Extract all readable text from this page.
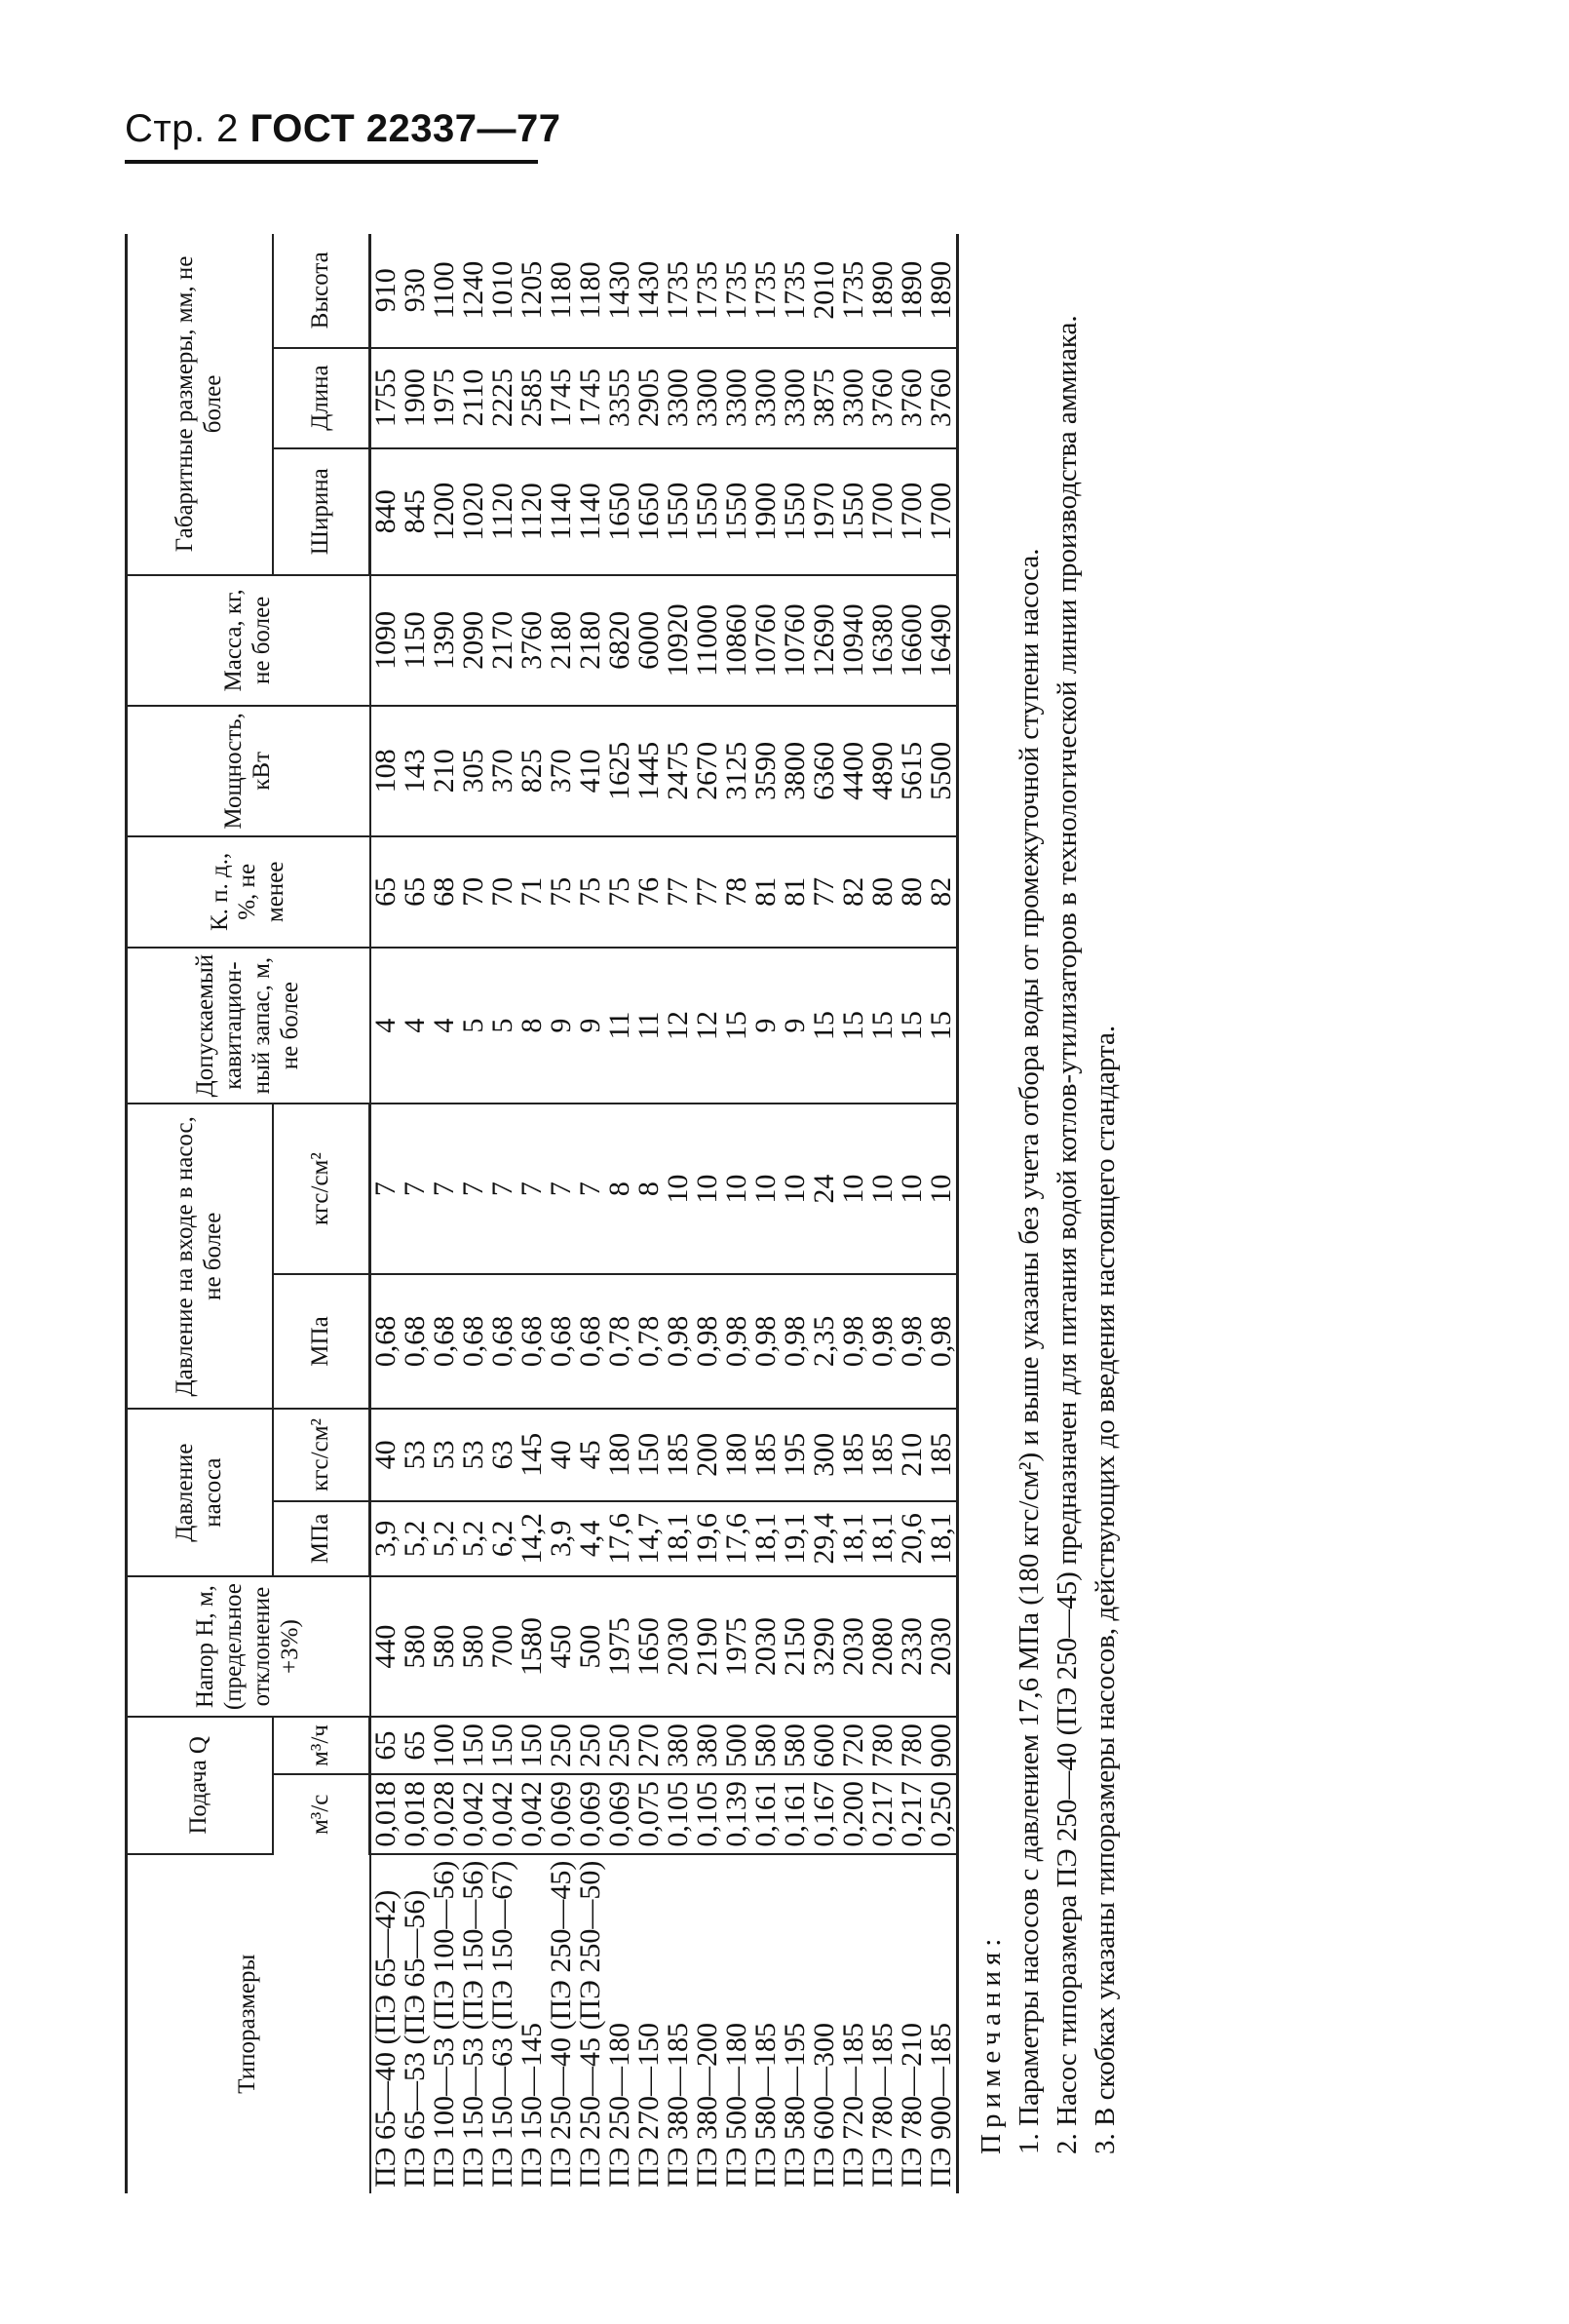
Стр. 2 ГОСТ 22337—77
Типоразмеры	Подача Q		Напор H, м, (предельное отклонение +3%)	Давление насоса		Давление на входе в насос, не более		Допускаемый кавитационный запас, м, не более	К. п. д., %, не менее	Мощность, кВт	Масса, кг, не более	Габаритные размеры, мм, не более		
	м³/с	м³/ч		МПа	кгс/см²	МПа	кгс/см²					Ширина	Длина	Высота
ПЭ 65—40 (ПЭ 65—42)	0,018	65	440	3,9	40	0,68	7	4	65	108	1090	840	1755	910
ПЭ 65—53 (ПЭ 65—56)	0,018	65	580	5,2	53	0,68	7	4	65	143	1150	845	1900	930
ПЭ 100—53 (ПЭ 100—56)	0,028	100	580	5,2	53	0,68	7	4	68	210	1390	1200	1975	1100
ПЭ 150—53 (ПЭ 150—56)	0,042	150	580	5,2	53	0,68	7	5	70	305	2090	1020	2110	1240
ПЭ 150—63 (ПЭ 150—67)	0,042	150	700	6,2	63	0,68	7	5	70	370	2170	1120	2225	1010
ПЭ 150—145	0,042	150	1580	14,2	145	0,68	7	8	71	825	3760	1120	2585	1205
ПЭ 250—40 (ПЭ 250—45)	0,069	250	450	3,9	40	0,68	7	9	75	370	2180	1140	1745	1180
ПЭ 250—45 (ПЭ 250—50)	0,069	250	500	4,4	45	0,68	7	9	75	410	2180	1140	1745	1180
ПЭ 250—180	0,069	250	1975	17,6	180	0,78	8	11	75	1625	6820	1650	3355	1430
ПЭ 270—150	0,075	270	1650	14,7	150	0,78	8	11	76	1445	6000	1650	2905	1430
ПЭ 380—185	0,105	380	2030	18,1	185	0,98	10	12	77	2475	10920	1550	3300	1735
ПЭ 380—200	0,105	380	2190	19,6	200	0,98	10	12	77	2670	11000	1550	3300	1735
ПЭ 500—180	0,139	500	1975	17,6	180	0,98	10	15	78	3125	10860	1550	3300	1735
ПЭ 580—185	0,161	580	2030	18,1	185	0,98	10	9	81	3590	10760	1900	3300	1735
ПЭ 580—195	0,161	580	2150	19,1	195	0,98	10	9	81	3800	10760	1550	3300	1735
ПЭ 600—300	0,167	600	3290	29,4	300	2,35	24	15	77	6360	12690	1970	3875	2010
ПЭ 720—185	0,200	720	2030	18,1	185	0,98	10	15	82	4400	10940	1550	3300	1735
ПЭ 780—185	0,217	780	2080	18,1	185	0,98	10	15	80	4890	16380	1700	3760	1890
ПЭ 780—210	0,217	780	2330	20,6	210	0,98	10	15	80	5615	16600	1700	3760	1890
ПЭ 900—185	0,250	900	2030	18,1	185	0,98	10	15	82	5500	16490	1700	3760	1890
Примечания: 1. Параметры насосов с давлением 17,6 МПа (180 кгс/см²) и выше указаны без учета отбора воды от промежуточной ступени насоса. 2. Насос типоразмера ПЭ 250—40 (ПЭ 250—45) предназначен для питания водой котлов-утилизаторов в технологической линии производства аммиака. 3. В скобках указаны типоразмеры насосов, действующих до введения настоящего стандарта.
